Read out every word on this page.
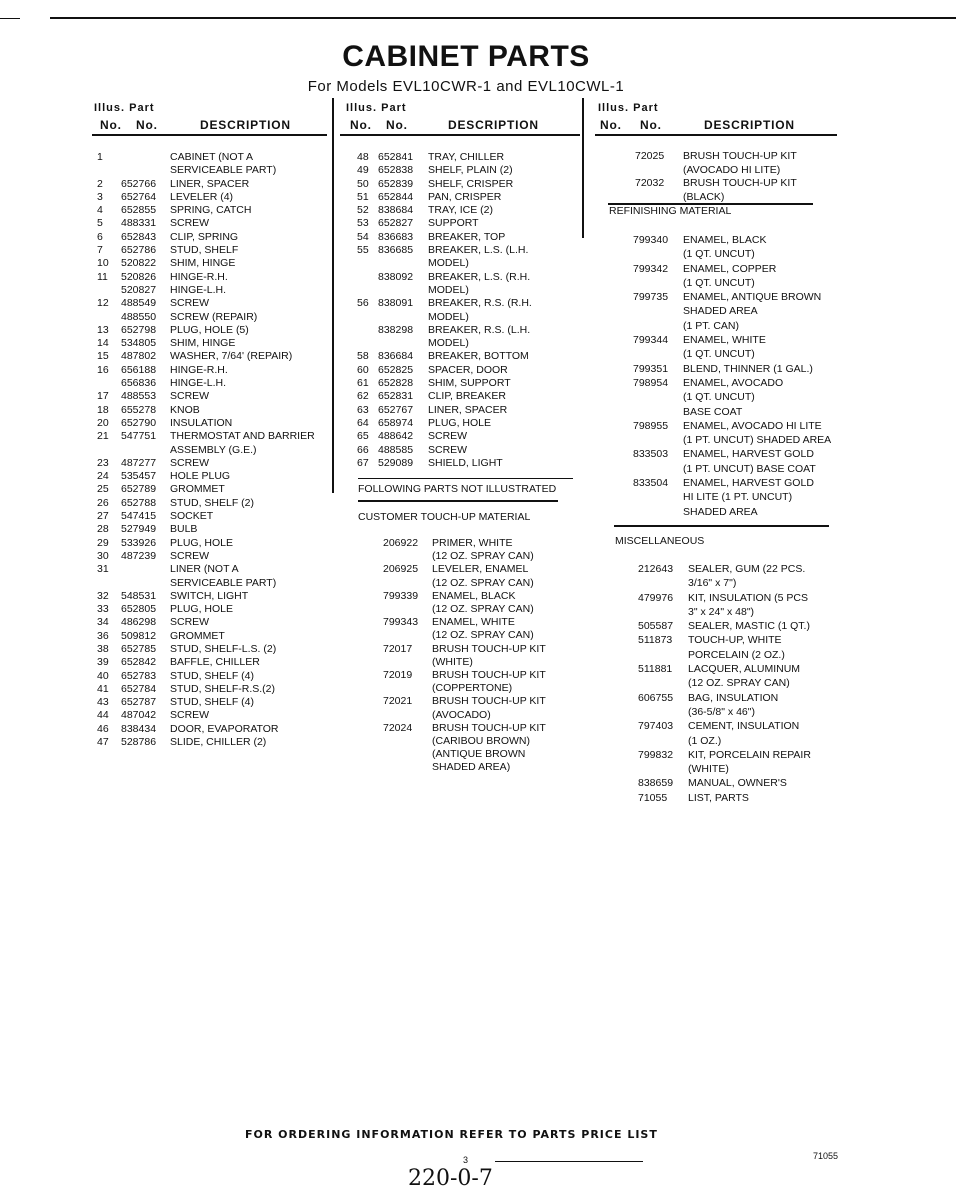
CABINET PARTS
For Models EVL10CWR-1 and EVL10CWL-1
Illus. Part
No. No.	DESCRIPTION
Illus. Part
No. No.	DESCRIPTION
Illus. Part
No. No.	DESCRIPTION
1	CABINET (NOT A
SERVICEABLE PART)
2 652766 LINER, SPACER
3 652764 LEVELER (4)
4 652855 SPRING, CATCH
5 488331 SCREW
6 652843 CLIP, SPRING
7 652786 STUD, SHELF
10 520822 SHIM, HINGE
11 520826 HINGE-R.H.
520827 HINGE-L.H.
12 488549 SCREW
488550 SCREW (REPAIR)
13 652798 PLUG, HOLE (5)
14 534805 SHIM, HINGE
15 487802 WASHER, 7/64' (REPAIR)
16 656188 HINGE-R.H.
656836 HINGE-L.H.
17 488553 SCREW
18 655278 KNOB
20 652790 INSULATION
21 547751 THERMOSTAT AND BARRIER
ASSEMBLY (G.E.)
23 487277 SCREW
24 535457 HOLE PLUG
25 652789 GROMMET
26 652788 STUD, SHELF (2)
27 547415 SOCKET
28 527949 BULB
29 533926 PLUG, HOLE
30 487239 SCREW
31	LINER (NOT A
SERVICEABLE PART)
32 548531 SWITCH, LIGHT
33 652805 PLUG, HOLE
34 486298 SCREW
36 509812 GROMMET
38 652785 STUD, SHELF-L.S. (2)
39 652842 BAFFLE, CHILLER
40 652783 STUD, SHELF (4)
41 652784 STUD, SHELF-R.S.(2)
43 652787 STUD, SHELF (4)
44 487042 SCREW
46 838434 DOOR, EVAPORATOR
47 528786 SLIDE, CHILLER (2)
48 652841 TRAY, CHILLER
49 652838 SHELF, PLAIN (2)
50 652839 SHELF, CRISPER
51 652844 PAN, CRISPER
52 838684 TRAY, ICE (2)
53 652827 SUPPORT
54 836683 BREAKER, TOP
55 836685 BREAKER, L.S. (L.H.
MODEL)
838092 BREAKER, L.S. (R.H.
MODEL)
56 838091 BREAKER, R.S. (R.H.
MODEL)
838298 BREAKER, R.S. (L.H.
MODEL)
58 836684 BREAKER, BOTTOM
60 652825 SPACER, DOOR
61 652828 SHIM, SUPPORT
62 652831 CLIP, BREAKER
63 652767 LINER, SPACER
64 658974 PLUG, HOLE
65 488642 SCREW
66 488585 SCREW
67 529089 SHIELD, LIGHT
FOLLOWING PARTS NOT ILLUSTRATED
CUSTOMER TOUCH-UP MATERIAL
206922 PRIMER, WHITE
(12 OZ. SPRAY CAN)
206925 LEVELER, ENAMEL
(12 OZ. SPRAY CAN)
799339 ENAMEL, BLACK
(12 OZ. SPRAY CAN)
799343 ENAMEL, WHITE
(12 OZ. SPRAY CAN)
72017 BRUSH TOUCH-UP KIT
(WHITE)
72019 BRUSH TOUCH-UP KIT
(COPPERTONE)
72021 BRUSH TOUCH-UP KIT
(AVOCADO)
72024 BRUSH TOUCH-UP KIT
(CARIBOU BROWN)
(ANTIQUE BROWN
SHADED AREA)
72025 BRUSH TOUCH-UP KIT
(AVOCADO HI LITE)
72032 BRUSH TOUCH-UP KIT
(BLACK)
REFINISHING MATERIAL
799340 ENAMEL, BLACK
(1 QT. UNCUT)
799342 ENAMEL, COPPER
(1 QT. UNCUT)
799735 ENAMEL, ANTIQUE BROWN
SHADED AREA
(1 PT. CAN)
799344 ENAMEL, WHITE
(1 QT. UNCUT)
799351 BLEND, THINNER (1 GAL.)
798954 ENAMEL, AVOCADO
(1 QT. UNCUT)
BASE COAT
798955 ENAMEL, AVOCADO HI LITE
(1 PT. UNCUT) SHADED AREA
833503 ENAMEL, HARVEST GOLD
(1 PT. UNCUT) BASE COAT
833504 ENAMEL, HARVEST GOLD
HI LITE (1 PT. UNCUT)
SHADED AREA
MISCELLANEOUS
212643 SEALER, GUM (22 PCS.
3/16" x 7")
479976 KIT, INSULATION (5 PCS
3" x 24" x 48")
505587 SEALER, MASTIC (1 QT.)
511873 TOUCH-UP, WHITE
PORCELAIN (2 OZ.)
511881 LACQUER, ALUMINUM
(12 OZ. SPRAY CAN)
606755 BAG, INSULATION
(36-5/8" x 46")
797403 CEMENT, INSULATION
(1 OZ.)
799832 KIT, PORCELAIN REPAIR
(WHITE)
838659 MANUAL, OWNER'S
71055 LIST, PARTS
FOR ORDERING INFORMATION REFER TO PARTS PRICE LIST
3	71055
220-0-7
